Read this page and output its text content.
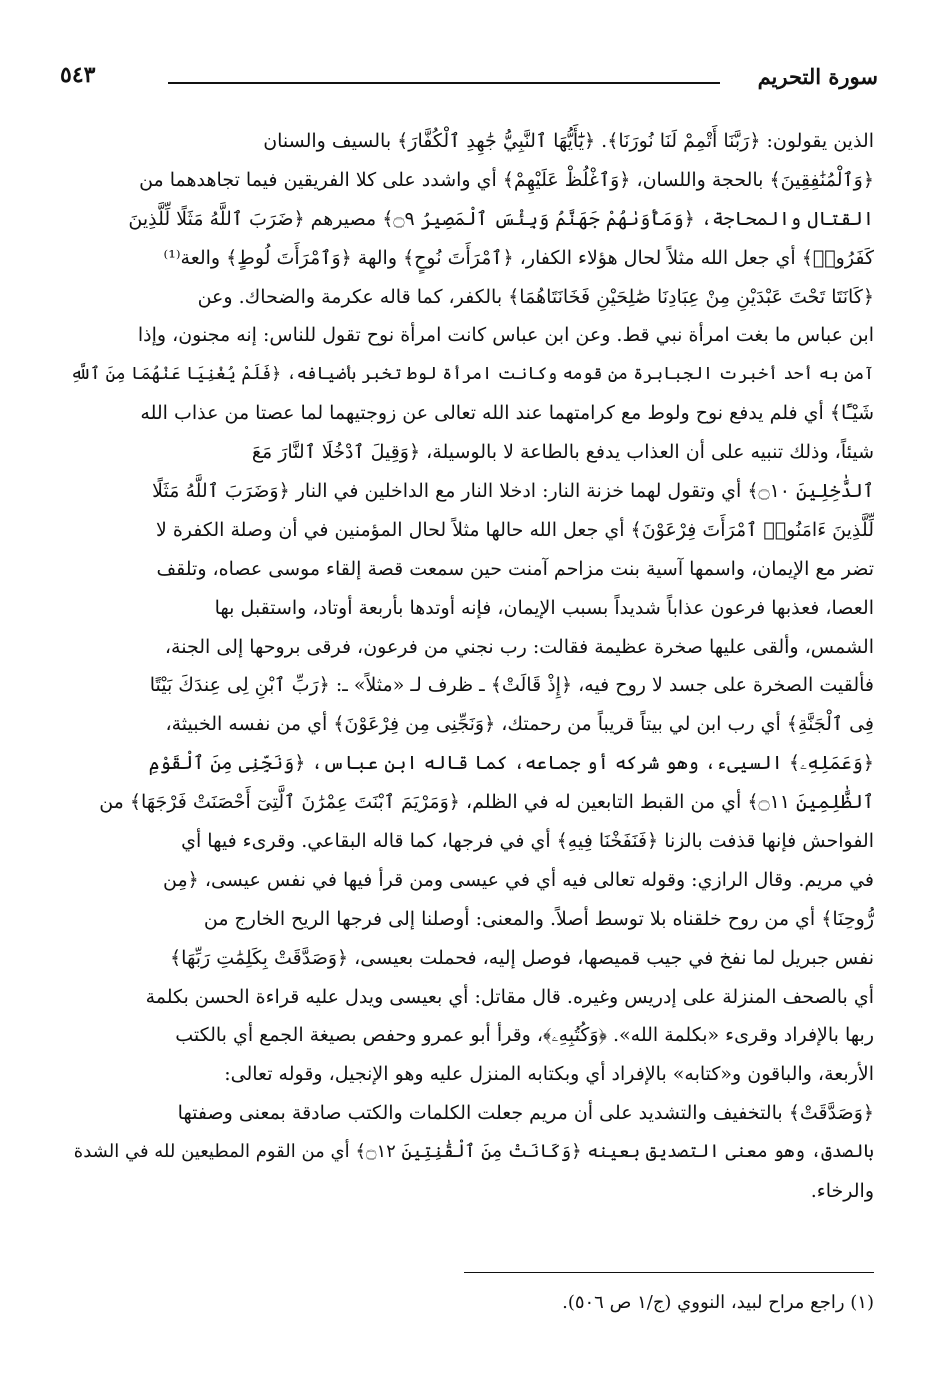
سورة التحريم
٥٤٣
الذين يقولون: ﴿رَبَّنَا أَتْمِمْ لَنَا نُورَنَا﴾. ﴿يَٰٓأَيُّهَا ٱلنَّبِيُّ جَٰهِدِ ٱلْكُفَّارَ﴾ بالسيف والسنان
﴿وَٱلْمُنَٰفِقِينَ﴾ بالحجة واللسان، ﴿وَٱغْلُظْ عَلَيْهِمْ﴾ أي واشدد على كلا الفريقين فيما تجاهدهما من
القتال والمحاجة، ﴿وَمَأْوَىٰهُمْ جَهَنَّمُ وَبِئْسَ ٱلْمَصِيرُ ۝٩﴾ مصيرهم ﴿ضَرَبَ ٱللَّهُ مَثَلًا لِّلَّذِينَ
كَفَرُوا۟﴾ أي جعل الله مثلاً لحال هؤلاء الكفار، ﴿ٱمْرَأَتَ نُوحٍ﴾ والهة ﴿وَٱمْرَأَتَ لُوطٍ﴾ والعة⁽¹⁾
﴿كَانَتَا تَحْتَ عَبْدَيْنِ مِنْ عِبَادِنَا صَٰلِحَيْنِ فَخَانَتَاهُمَا﴾ بالكفر، كما قاله عكرمة والضحاك. وعن
ابن عباس ما بغت امرأة نبي قط. وعن ابن عباس كانت امرأة نوح تقول للناس: إنه مجنون، وإذا
آمن به أحد أخبرت الجبابرة من قومه وكانت امرأة لوط تخبر بأضيافه، ﴿فَلَمْ يُغْنِيَا عَنْهُمَا مِنَ ٱللَّهِ
شَيْـًٔا﴾ أي فلم يدفع نوح ولوط مع كرامتهما عند الله تعالى عن زوجتيهما لما عصتا من عذاب الله
شيئاً، وذلك تنبيه على أن العذاب يدفع بالطاعة لا بالوسيلة، ﴿وَقِيلَ ٱدْخُلَا ٱلنَّارَ مَعَ
ٱلدَّٰخِلِينَ ۝١٠﴾ أي وتقول لهما خزنة النار: ادخلا النار مع الداخلين في النار ﴿وَضَرَبَ ٱللَّهُ مَثَلًا
لِّلَّذِينَ ءَامَنُوا۟ ٱمْرَأَتَ فِرْعَوْنَ﴾ أي جعل الله حالها مثلاً لحال المؤمنين في أن وصلة الكفرة لا
تضر مع الإيمان، واسمها آسية بنت مزاحم آمنت حين سمعت قصة إلقاء موسى عصاه، وتلقف
العصا، فعذبها فرعون عذاباً شديداً بسبب الإيمان، فإنه أوتدها بأربعة أوتاد، واستقبل بها
الشمس، وألقى عليها صخرة عظيمة فقالت: رب نجني من فرعون، فرقى بروحها إلى الجنة،
فألقيت الصخرة على جسد لا روح فيه، ﴿إِذْ قَالَتْ﴾ ـ ظرف لـ «مثلاً» ـ: ﴿رَبِّ ٱبْنِ لِى عِندَكَ بَيْتًا
فِى ٱلْجَنَّةِ﴾ أي رب ابن لي بيتاً قريباً من رحمتك، ﴿وَنَجِّنِى مِن فِرْعَوْنَ﴾ أي من نفسه الخبيثة،
﴿وَعَمَلِهِۦ﴾ السيىء، وهو شركه أو جماعه، كما قاله ابن عباس، ﴿وَنَجِّنِى مِنَ ٱلْقَوْمِ
ٱلظَّٰلِمِينَ ۝١١﴾ أي من القبط التابعين له في الظلم، ﴿وَمَرْيَمَ ٱبْنَتَ عِمْرَٰنَ ٱلَّتِىٓ أَحْصَنَتْ فَرْجَهَا﴾ من
الفواحش فإنها قذفت بالزنا ﴿فَنَفَخْنَا فِيهِ﴾ أي في فرجها، كما قاله البقاعي. وقرىء فيها أي
في مريم. وقال الرازي: وقوله تعالى فيه أي في عيسى ومن قرأ فيها في نفس عيسى، ﴿مِن
رُّوحِنَا﴾ أي من روح خلقناه بلا توسط أصلاً. والمعنى: أوصلنا إلى فرجها الريح الخارج من
نفس جبريل لما نفخ في جيب قميصها، فوصل إليه، فحملت بعيسى، ﴿وَصَدَّقَتْ بِكَلِمَٰتِ رَبِّهَا﴾
أي بالصحف المنزلة على إدريس وغيره. قال مقاتل: أي بعيسى ويدل عليه قراءة الحسن بكلمة
ربها بالإفراد وقرىء «بكلمة الله». ﴿وَكُتُبِهِۦ﴾، وقرأ أبو عمرو وحفص بصيغة الجمع أي بالكتب
الأربعة، والباقون و«كتابه» بالإفراد أي وبكتابه المنزل عليه وهو الإنجيل، وقوله تعالى:
﴿وَصَدَّقَتْ﴾ بالتخفيف والتشديد على أن مريم جعلت الكلمات والكتب صادقة بمعنى وصفتها
بالصدق، وهو معنى التصديق بعينه ﴿وَكَانَتْ مِنَ ٱلْقَٰنِتِينَ ۝١٢﴾ أي من القوم المطيعين لله في الشدة
والرخاء.
(١) راجع مراح لبيد، النووي (ج/١ ص ٥٠٦).
